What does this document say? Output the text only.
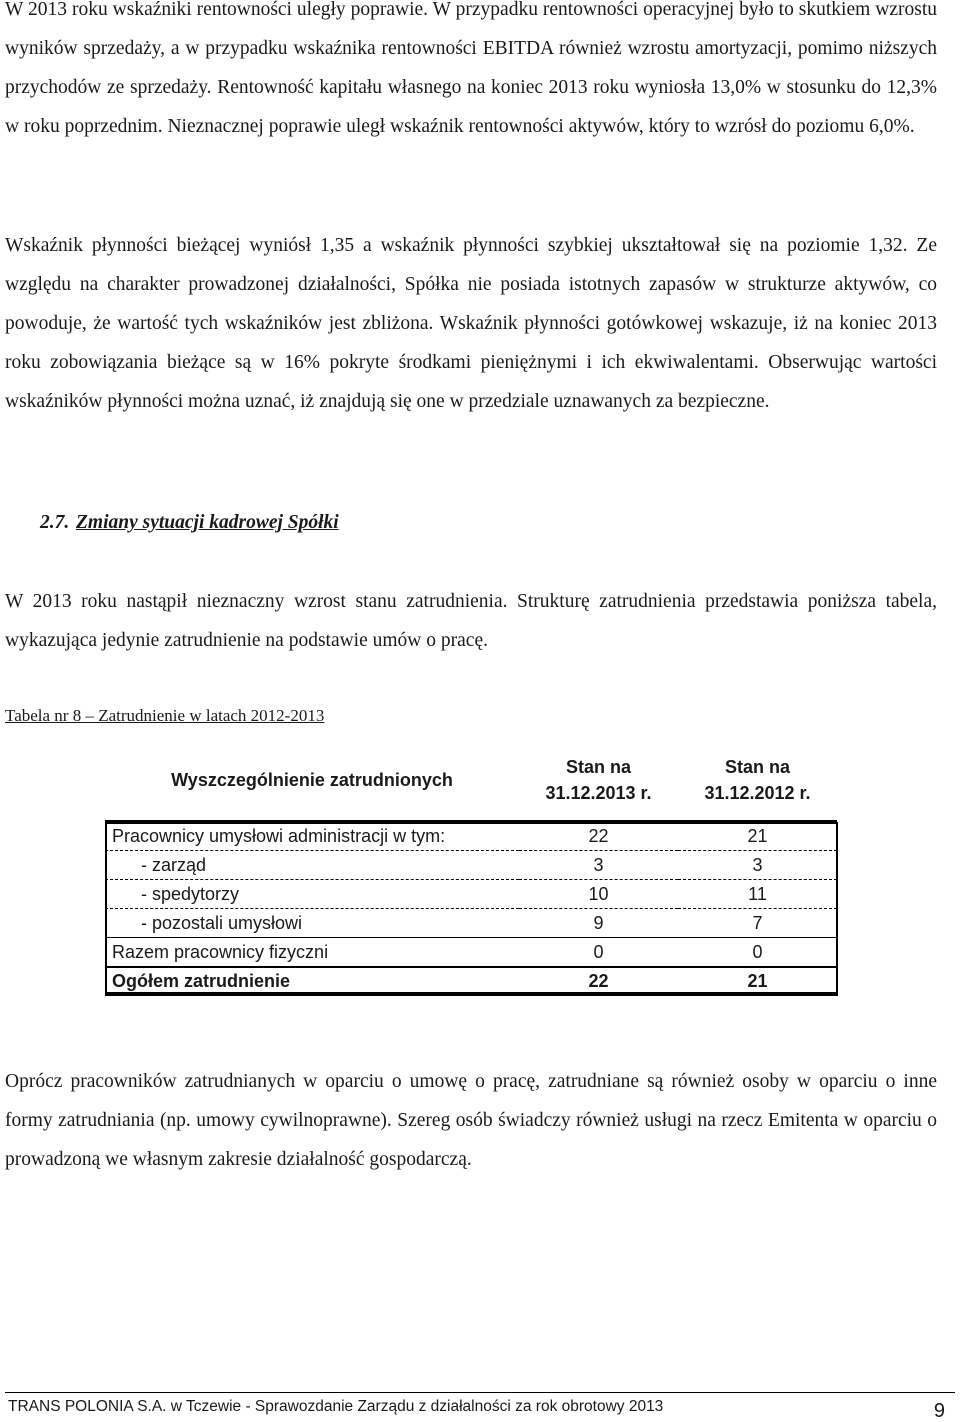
W 2013 roku wskaźniki rentowności uległy poprawie. W przypadku rentowności operacyjnej było to skutkiem wzrostu wyników sprzedaży, a w przypadku wskaźnika rentowności EBITDA również wzrostu amortyzacji, pomimo niższych przychodów ze sprzedaży. Rentowność kapitału własnego na koniec 2013 roku wyniosła 13,0% w stosunku do 12,3% w roku poprzednim. Nieznacznej poprawie uległ wskaźnik rentowności aktywów, który to wzrósł do poziomu 6,0%.

Wskaźnik płynności bieżącej wyniósł 1,35 a wskaźnik płynności szybkiej ukształtował się na poziomie 1,32. Ze względu na charakter prowadzonej działalności, Spółka nie posiada istotnych zapasów w strukturze aktywów, co powoduje, że wartość tych wskaźników jest zbliżona. Wskaźnik płynności gotówkowej wskazuje, iż na koniec 2013 roku zobowiązania bieżące są w 16% pokryte środkami pieniężnymi i ich ekwiwalentami. Obserwując wartości wskaźników płynności można uznać, iż znajdują się one w przedziale uznawanych za bezpieczne.

2.7. Zmiany sytuacji kadrowej Spółki

W 2013 roku nastąpił nieznaczny wzrost stanu zatrudnienia. Strukturę zatrudnienia przedstawia poniższa tabela, wykazująca jedynie zatrudnienie na podstawie umów o pracę.

Tabela nr 8 – Zatrudnienie w latach 2012-2013
Wyszczególnienie zatrudnionych	Stan na 31.12.2013 r.	Stan na 31.12.2012 r.
Pracownicy umysłowi administracji w tym:	22	21
- zarząd	3	3
- spedytorzy	10	11
- pozostali umysłowi	9	7
Razem pracownicy fizyczni	0	0
Ogółem zatrudnienie	22	21

Oprócz pracowników zatrudnianych w oparciu o umowę o pracę, zatrudniane są również osoby w oparciu o inne formy zatrudniania (np. umowy cywilnoprawne). Szereg osób świadczy również usługi na rzecz Emitenta w oparciu o prowadzoną we własnym zakresie działalność gospodarczą.

TRANS POLONIA S.A. w Tczewie - Sprawozdanie Zarządu z działalności za rok obrotowy 2013	9
